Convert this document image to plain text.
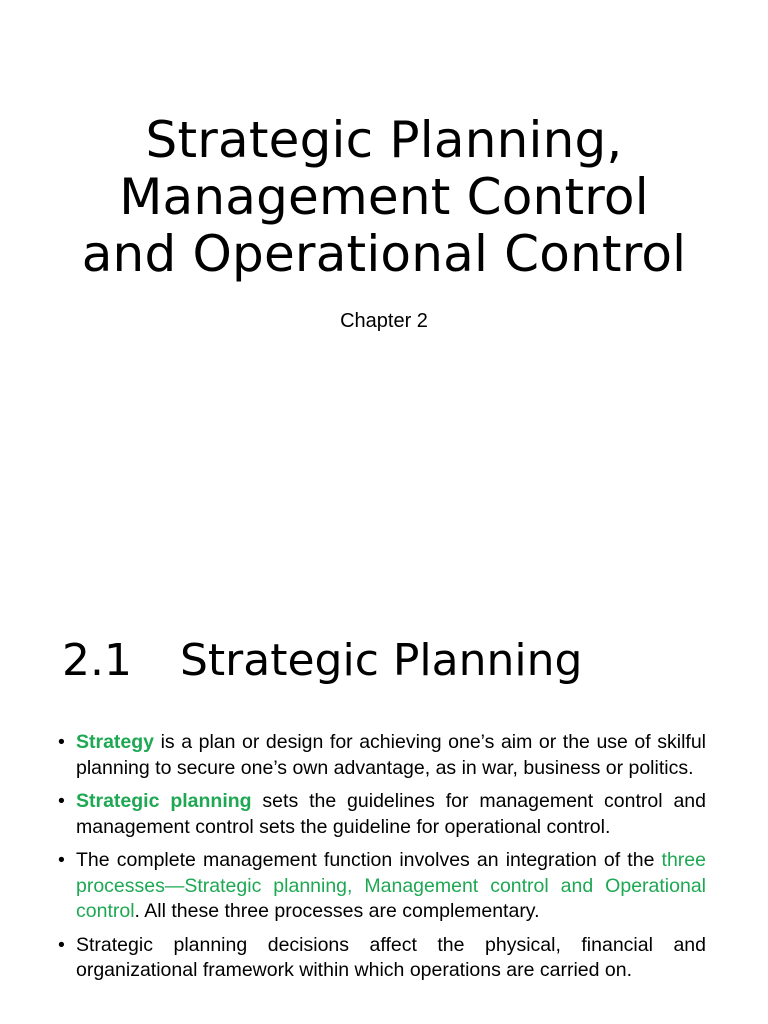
Strategic Planning,
Management Control
and Operational Control
Chapter 2
2.1 Strategic Planning
• Strategy is a plan or design for achieving one’s aim or the use of skilful planning to secure one’s own advantage, as in war, business or politics.
• Strategic planning sets the guidelines for management control and management control sets the guideline for operational control.
• The complete management function involves an integration of the three processes—Strategic planning, Management control and Operational control. All these three processes are complementary.
• Strategic planning decisions affect the physical, financial and organizational framework within which operations are carried on.
